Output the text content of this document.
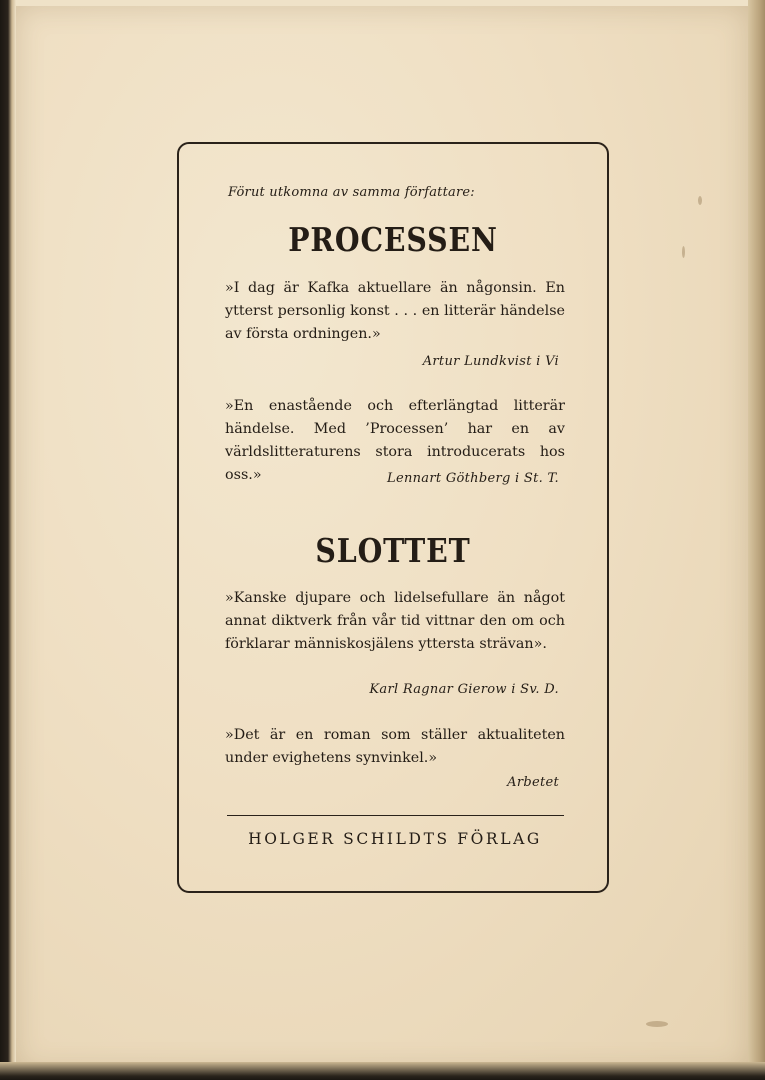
Förut utkomna av samma författare:
PROCESSEN
»I dag är Kafka aktuellare än någonsin. En ytterst personlig konst . . . en litterär händelse av första ordningen.»
Artur Lundkvist i Vi
»En enastående och efterlängtad litterär händelse. Med ’Processen’ har en av världslitteraturens stora introducerats hos oss.»	Lennart Göthberg i St. T.
SLOTTET
»Kanske djupare och lidelsefullare än något annat diktverk från vår tid vittnar den om och förklarar människosjälens yttersta strävan».
Karl Ragnar Gierow i Sv. D.
»Det är en roman som ställer aktualiteten under evighetens synvinkel.»
Arbetet
HOLGER SCHILDTS FÖRLAG
